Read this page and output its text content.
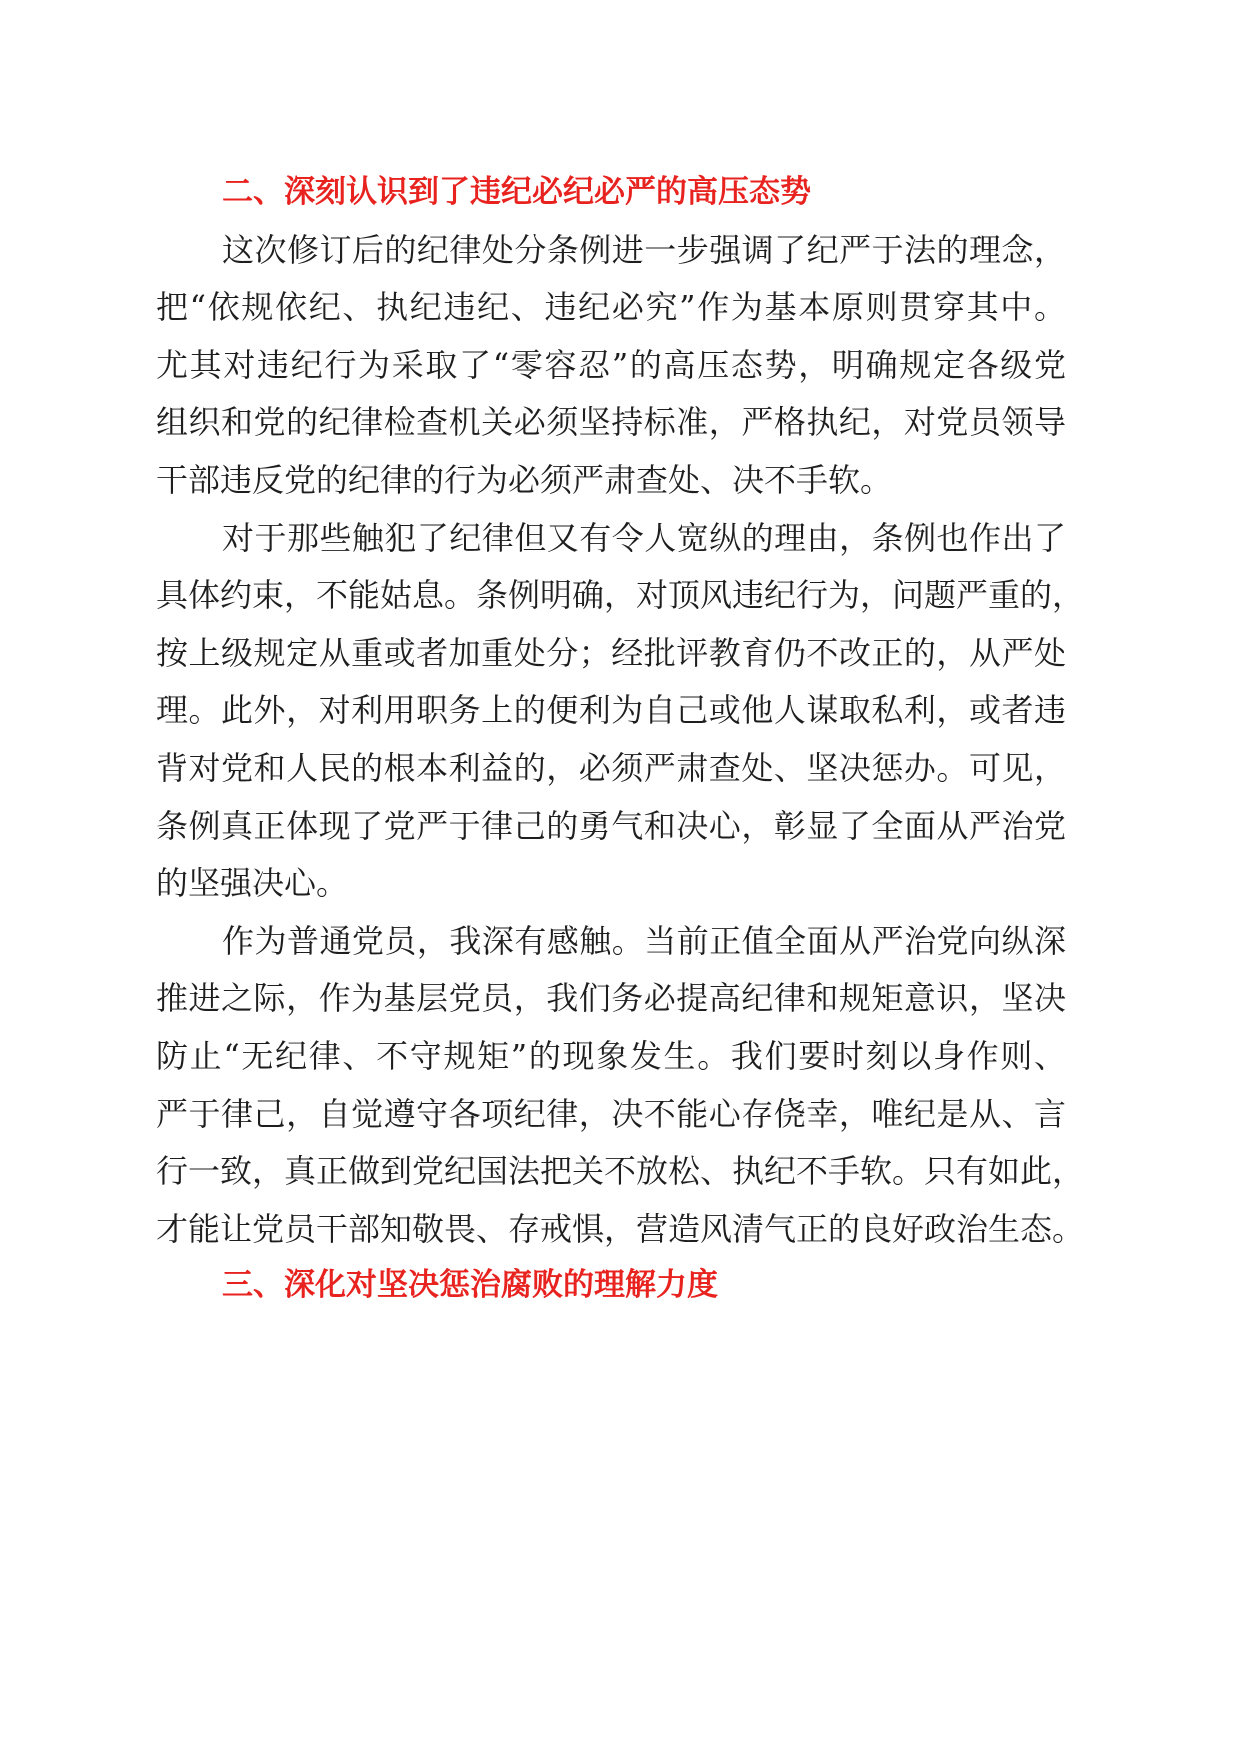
二、深刻认识到了违纪必纪必严的高压态势
这次修订后的纪律处分条例进一步强调了纪严于法的理念，
把“依规依纪、执纪违纪、违纪必究”作为基本原则贯穿其中。
尤其对违纪行为采取了“零容忍”的高压态势，明确规定各级党
组织和党的纪律检查机关必须坚持标准，严格执纪，对党员领导
干部违反党的纪律的行为必须严肃查处、决不手软。
对于那些触犯了纪律但又有令人宽纵的理由，条例也作出了
具体约束，不能姑息。条例明确，对顶风违纪行为，问题严重的，
按上级规定从重或者加重处分；经批评教育仍不改正的，从严处
理。此外，对利用职务上的便利为自己或他人谋取私利，或者违
背对党和人民的根本利益的，必须严肃查处、坚决惩办。可见，
条例真正体现了党严于律己的勇气和决心，彰显了全面从严治党
的坚强决心。
作为普通党员，我深有感触。当前正值全面从严治党向纵深
推进之际，作为基层党员，我们务必提高纪律和规矩意识，坚决
防止“无纪律、不守规矩”的现象发生。我们要时刻以身作则、
严于律己，自觉遵守各项纪律，决不能心存侥幸，唯纪是从、言
行一致，真正做到党纪国法把关不放松、执纪不手软。只有如此，
才能让党员干部知敬畏、存戒惧，营造风清气正的良好政治生态。
三、深化对坚决惩治腐败的理解力度
